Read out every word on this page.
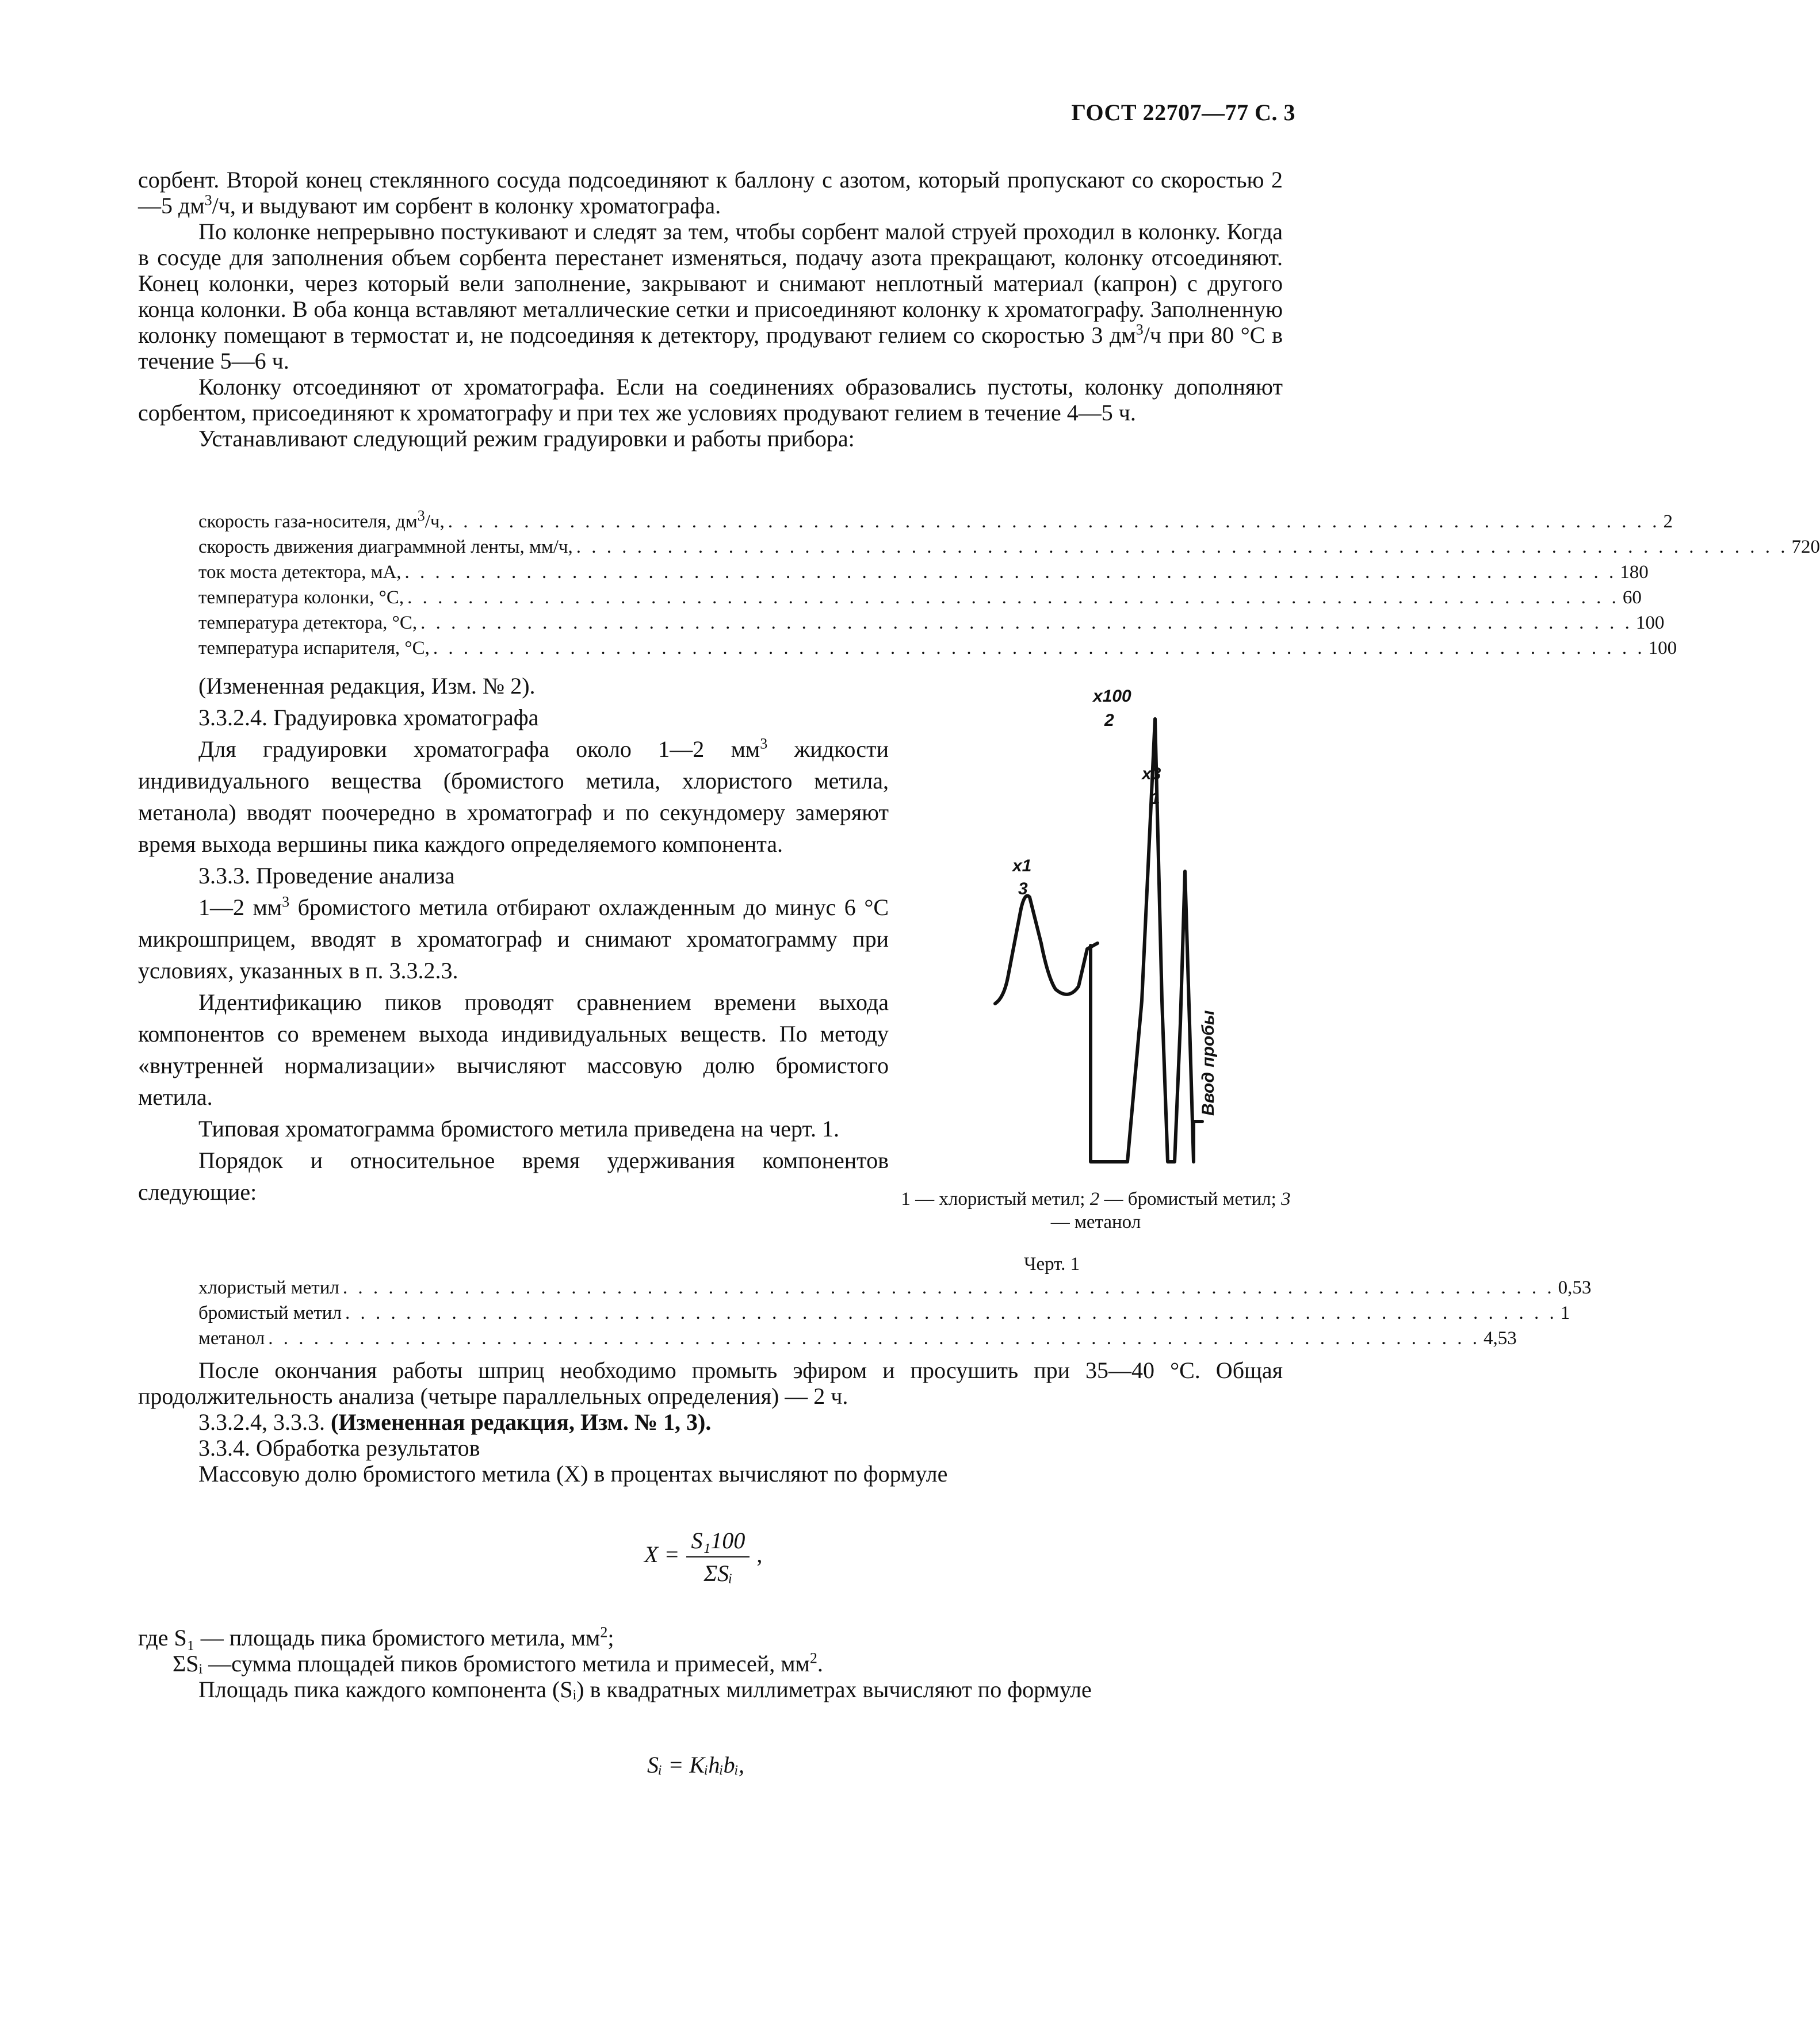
ГОСТ 22707—77 С. 3

сорбент. Второй конец стеклянного сосуда подсоединяют к баллону с азотом, который пропускают со скоростью 2—5 $дм^3/ч$, и выдувают им сорбент в колонку хроматографа.

По колонке непрерывно постукивают и следят за тем, чтобы сорбент малой струей проходил в колонку. Когда в сосуде для заполнения объем сорбента перестанет изменяться, подачу азота прекращают, колонку отсоединяют. Конец колонки, через который вели заполнение, закрывают и снимают неплотный материал (капрон) с другого конца колонки. В оба конца вставляют металлические сетки и присоединяют колонку к хроматографу. Заполненную колонку помещают в термостат и, не подсоединяя к детектору, продувают гелием со скоростью 3 $дм^3/ч$ при 80 °С в течение 5—6 ч.

Колонку отсоединяют от хроматографа. Если на соединениях образовались пустоты, колонку дополняют сорбентом, присоединяют к хроматографу и при тех же условиях продувают гелием в течение 4—5 ч.

Устанавливают следующий режим градуировки и работы прибора:

скорость газа-носителя, $дм^3/ч$, . . . . . . . . . . . . . . . . . . . . . . . . . . . . . . . . . . . . . . . . . . . . . . . . . . . . . . . . . . . . . . . . . . . . . . . . . . . . . . . . 2
скорость движения диаграммной ленты, мм/ч, . . . . . . . . . . . . . . . . . . . . . . . . . . . . . . . . . . . . . . . . . . . . . . . . . . . . . . . . . . . . . . . . . . . . . . . . . . . . . . . . 720
ток моста детектора, мА, . . . . . . . . . . . . . . . . . . . . . . . . . . . . . . . . . . . . . . . . . . . . . . . . . . . . . . . . . . . . . . . . . . . . . . . . . . . . . . . . 180
температура колонки, °С, . . . . . . . . . . . . . . . . . . . . . . . . . . . . . . . . . . . . . . . . . . . . . . . . . . . . . . . . . . . . . . . . . . . . . . . . . . . . . . . . 60
температура детектора, °С, . . . . . . . . . . . . . . . . . . . . . . . . . . . . . . . . . . . . . . . . . . . . . . . . . . . . . . . . . . . . . . . . . . . . . . . . . . . . . . . . 100
температура испарителя, °С, . . . . . . . . . . . . . . . . . . . . . . . . . . . . . . . . . . . . . . . . . . . . . . . . . . . . . . . . . . . . . . . . . . . . . . . . . . . . . . . . 100

(Измененная редакция, Изм. № 2).

3.3.2.4. Градуировка хроматографа

Для градуировки хроматографа около 1—2 $мм^3$ жидкости индивидуального вещества (бромистого метила, хлористого метила, метанола) вводят поочередно в хроматограф и по секундомеру замеряют время выхода вершины пика каждого определяемого компонента.

3.3.3. Проведение анализа

1—2 $мм^3$ бромистого метила отбирают охлажденным до минус 6 °С микрошприцем, вводят в хроматограф и снимают хроматограмму при условиях, указанных в п. 3.3.2.3.

Идентификацию пиков проводят сравнением времени выхода компонентов со временем выхода индивидуальных веществ. По методу «внутренней нормализации» вычисляют массовую долю бромистого метила.

Типовая хроматограмма бромистого метила приведена на черт. 1.

Порядок и относительное время удерживания компонентов следующие:

x100
2
x3
1
x1
3
Ввод пробы
1 — хлористый метил; 2 — бромистый метил; 3 — метанол
Черт. 1
хлористый метил . . . . . . . . . . . . . . . . . . . . . . . . . . . . . . . . . . . . . . . . . . . . . . . . . . . . . . . . . . . . . . . . . . . . . . . . . . . . . . . . 0,53
бромистый метил . . . . . . . . . . . . . . . . . . . . . . . . . . . . . . . . . . . . . . . . . . . . . . . . . . . . . . . . . . . . . . . . . . . . . . . . . . . . . . . . 1
метанол . . . . . . . . . . . . . . . . . . . . . . . . . . . . . . . . . . . . . . . . . . . . . . . . . . . . . . . . . . . . . . . . . . . . . . . . . . . . . . . . 4,53

После окончания работы шприц необходимо промыть эфиром и просушить при 35—40 °С. Общая продолжительность анализа (четыре параллельных определения) — 2 ч.

3.3.2.4, 3.3.3. (Измененная редакция, Изм. № 1, 3).

3.3.4. Обработка результатов

Массовую долю бромистого метила (X) в процентах вычисляют по формуле

$X = \frac{\text{S₁100}}{\text{ΣSᵢ}}$ ,

где S₁ — площадь пика бромистого метила, $мм^2$;

ΣSᵢ —сумма площадей пиков бромистого метила и примесей, $мм^2$.

Площадь пика каждого компонента (Sᵢ) в квадратных миллиметрах вычисляют по формуле

Sᵢ = Kᵢhᵢbᵢ,
